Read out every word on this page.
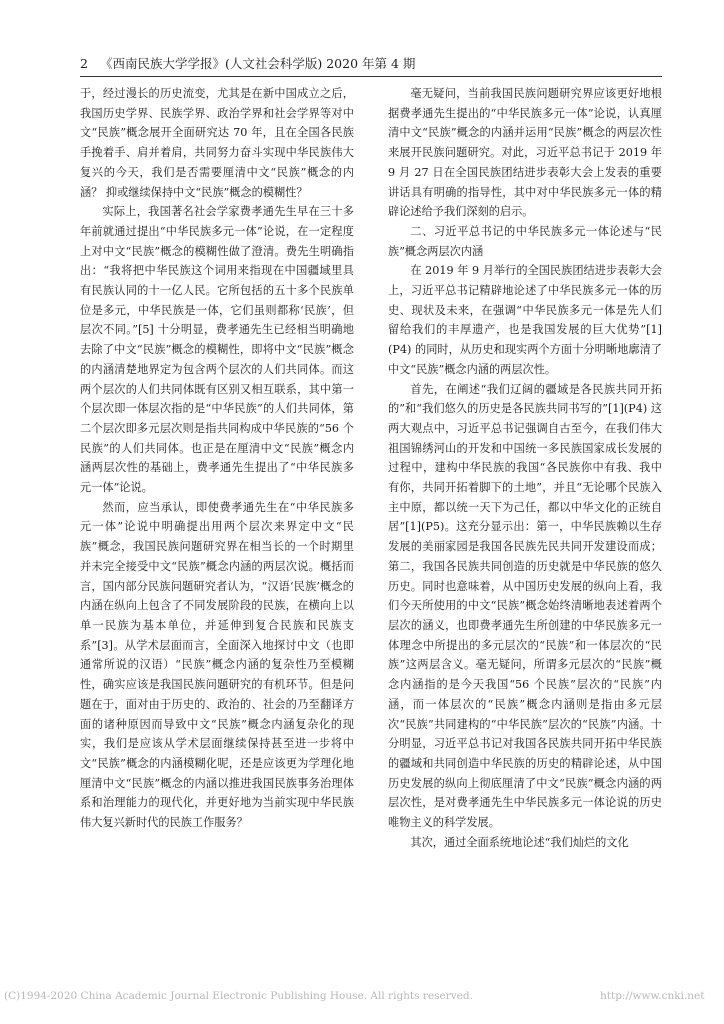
2 《西南民族大学学报》(人文社会科学版) 2020 年第 4 期

于，经过漫长的历史流变，尤其是在新中国成立之后，我国历史学界、民族学界、政治学界和社会学界等对中文“民族”概念展开全面研究达 70 年，且在全国各民族手挽着手、肩并着肩，共同努力奋斗实现中华民族伟大复兴的今天，我们是否需要厘清中文“民族”概念的内涵？ 抑或继续保持中文“民族”概念的模糊性？

实际上，我国著名社会学家费孝通先生早在三十多年前就通过提出“中华民族多元一体”论说，在一定程度上对中文“民族”概念的模糊性做了澄清。费先生明确指出：“我将把中华民族这个词用来指现在中国疆域里具有民族认同的十一亿人民。它所包括的五十多个民族单位是多元，中华民族是一体，它们虽则都称‘民族’，但层次不同。”[5] 十分明显，费孝通先生已经相当明确地去除了中文“民族”概念的模糊性，即将中文“民族”概念的内涵清楚地界定为包含两个层次的人们共同体。而这两个层次的人们共同体既有区别又相互联系，其中第一个层次即一体层次指的是“中华民族”的人们共同体，第二个层次即多元层次则是指共同构成中华民族的“56 个民族”的人们共同体。也正是在厘清中文“民族”概念内涵两层次性的基础上，费孝通先生提出了“中华民族多元一体”论说。

然而，应当承认，即使费孝通先生在“中华民族多元一体”论说中明确提出用两个层次来界定中文“民族”概念，我国民族问题研究界在相当长的一个时期里并未完全接受中文“民族”概念内涵的两层次说。概括而言，国内部分民族问题研究者认为，“汉语‘民族’概念的内涵在纵向上包含了不同发展阶段的民族，在横向上以单一民族为基本单位，并延伸到复合民族和民族支系”[3]。从学术层面而言，全面深入地探讨中文（也即通常所说的汉语）“民族”概念内涵的复杂性乃至模糊性，确实应该是我国民族问题研究的有机环节。但是问题在于，面对由于历史的、政治的、社会的乃至翻译方面的诸种原因而导致中文“民族”概念内涵复杂化的现实，我们是应该从学术层面继续保持甚至进一步将中文“民族”概念的内涵模糊化呢，还是应该更为学理化地厘清中文“民族”概念的内涵以推进我国民族事务治理体系和治理能力的现代化，并更好地为当前实现中华民族伟大复兴新时代的民族工作服务？

毫无疑问，当前我国民族问题研究界应该更好地根据费孝通先生提出的“中华民族多元一体”论说，认真厘清中文“民族”概念的内涵并运用“民族”概念的两层次性来展开民族问题研究。对此，习近平总书记于 2019 年 9 月 27 日在全国民族团结进步表彰大会上发表的重要讲话具有明确的指导性，其中对中华民族多元一体的精辟论述给予我们深刻的启示。

二、习近平总书记的中华民族多元一体论述与“民族”概念两层次内涵

在 2019 年 9 月举行的全国民族团结进步表彰大会上，习近平总书记精辟地论述了中华民族多元一体的历史、现状及未来，在强调“中华民族多元一体是先人们留给我们的丰厚遗产，也是我国发展的巨大优势”[1](P4) 的同时，从历史和现实两个方面十分明晰地廓清了中文“民族”概念内涵的两层次性。

首先，在阐述“我们辽阔的疆域是各民族共同开拓的”和“我们悠久的历史是各民族共同书写的”[1](P4) 这两大观点中，习近平总书记强调自古至今，在我们伟大祖国锦绣河山的开发和中国统一多民族国家成长发展的过程中，建构中华民族的我国“各民族你中有我、我中有你，共同开拓着脚下的土地”，并且“无论哪个民族入主中原，都以统一天下为己任，都以中华文化的正统自居”[1](P5)。这充分显示出：第一，中华民族赖以生存发展的美丽家园是我国各民族先民共同开发建设而成；第二，我国各民族共同创造的历史就是中华民族的悠久历史。同时也意味着，从中国历史发展的纵向上看，我们今天所使用的中文“民族”概念始终清晰地表述着两个层次的涵义，也即费孝通先生所创建的中华民族多元一体理念中所提出的多元层次的“民族”和一体层次的“民族”这两层含义。毫无疑问，所谓多元层次的“民族”概念内涵指的是今天我国“56 个民族”层次的“民族”内涵，而一体层次的“民族”概念内涵则是指由多元层次“民族”共同建构的“中华民族”层次的“民族”内涵。十分明显，习近平总书记对我国各民族共同开拓中华民族的疆域和共同创造中华民族的历史的精辟论述，从中国历史发展的纵向上彻底厘清了中文“民族”概念内涵的两层次性，是对费孝通先生中华民族多元一体论说的历史唯物主义的科学发展。

其次，通过全面系统地论述“我们灿烂的文化

(C)1994-2020 China Academic Journal Electronic Publishing House. All rights reserved.	http://www.cnki.net
